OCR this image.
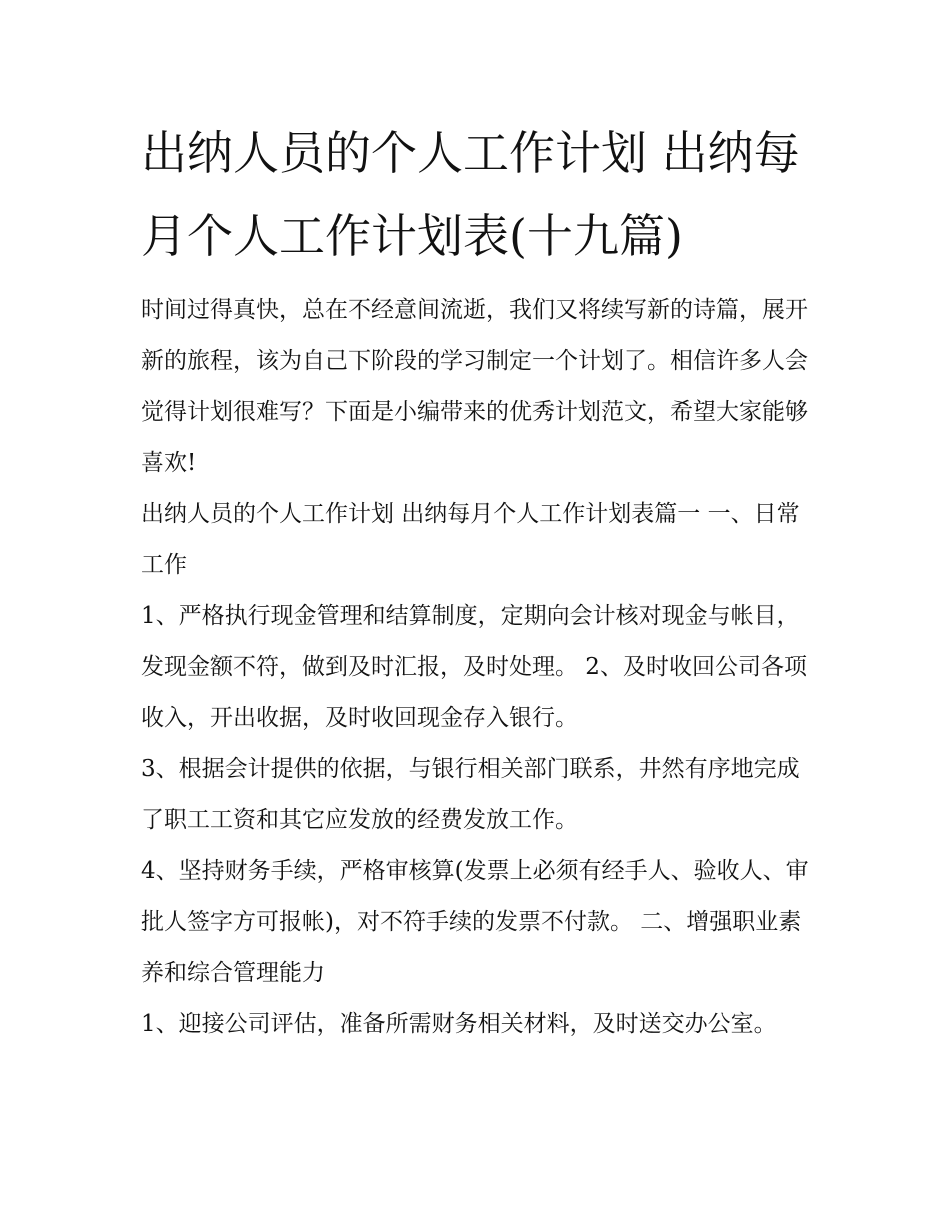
出纳人员的个人工作计划 出纳每月个人工作计划表(十九篇)

时间过得真快，总在不经意间流逝，我们又将续写新的诗篇，展开新的旅程，该为自己下阶段的学习制定一个计划了。相信许多人会觉得计划很难写？下面是小编带来的优秀计划范文，希望大家能够喜欢!

出纳人员的个人工作计划 出纳每月个人工作计划表篇一 一、日常工作

1、严格执行现金管理和结算制度，定期向会计核对现金与帐目，发现金额不符，做到及时汇报，及时处理。 2、及时收回公司各项收入，开出收据，及时收回现金存入银行。

3、根据会计提供的依据，与银行相关部门联系，井然有序地完成了职工工资和其它应发放的经费发放工作。

4、坚持财务手续，严格审核算(发票上必须有经手人、验收人、审批人签字方可报帐)，对不符手续的发票不付款。 二、增强职业素养和综合管理能力

1、迎接公司评估，准备所需财务相关材料，及时送交办公室。
